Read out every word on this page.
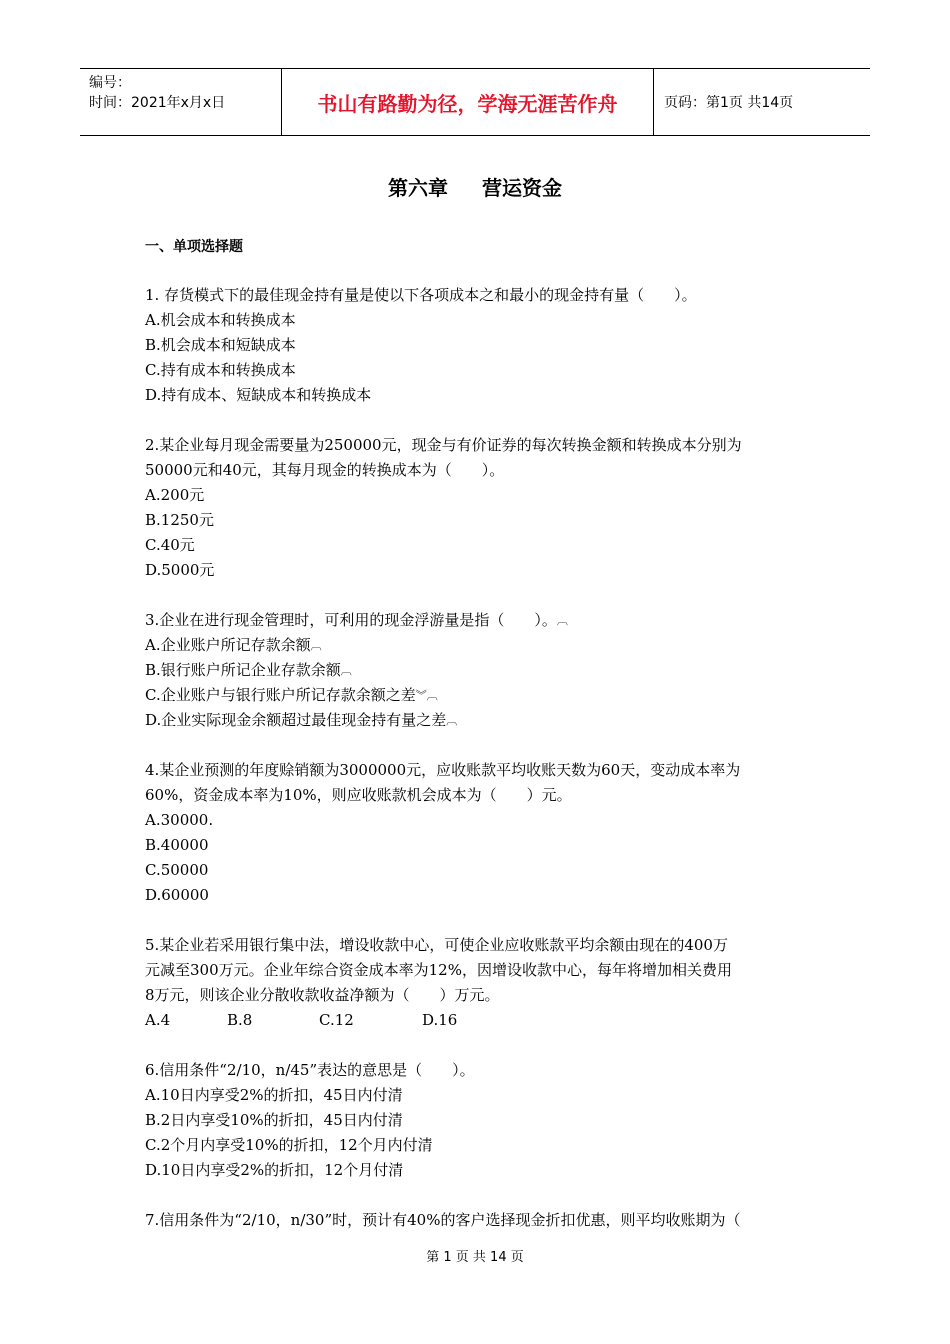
编号：
时间：2021年x月x日	书山有路勤为径，学海无涯苦作舟	页码：第1页 共14页
第六章 营运资金
一、单项选择题

1. 存货模式下的最佳现金持有量是使以下各项成本之和最小的现金持有量（　　）。

A.机会成本和转换成本

B.机会成本和短缺成本

C.持有成本和转换成本

D.持有成本、短缺成本和转换成本

2.某企业每月现金需要量为250000元，现金与有价证券的每次转换金额和转换成本分别为

50000元和40元，其每月现金的转换成本为（　　）。

A.200元

B.1250元

C.40元

D.5000元

3.企业在进行现金管理时，可利用的现金浮游量是指（　　）。︹

A.企业账户所记存款余额︹

B.银行账户所记企业存款余额︹

C.企业账户与银行账户所记存款余额之差︾︹

D.企业实际现金余额超过最佳现金持有量之差︹

4.某企业预测的年度赊销额为3000000元，应收账款平均收账天数为60天，变动成本率为

60%，资金成本率为10%，则应收账款机会成本为（　　）元。

A.30000.

B.40000

C.50000

D.60000

5.某企业若采用银行集中法，增设收款中心，可使企业应收账款平均余额由现在的400万

元减至300万元。企业年综合资金成本率为12%，因增设收款中心，每年将增加相关费用

8万元，则该企业分散收款收益净额为（　　）万元。

A.4	B.8	C.12	D.16

6.信用条件“2/10，n/45”表达的意思是（　　）。

A.10日内享受2%的折扣，45日内付清

B.2日内享受10%的折扣，45日内付清

C.2个月内享受10%的折扣，12个月内付清

D.10日内享受2%的折扣，12个月付清

7.信用条件为“2/10，n/30”时，预计有40%的客户选择现金折扣优惠，则平均收账期为（

第 1 页 共 14 页
